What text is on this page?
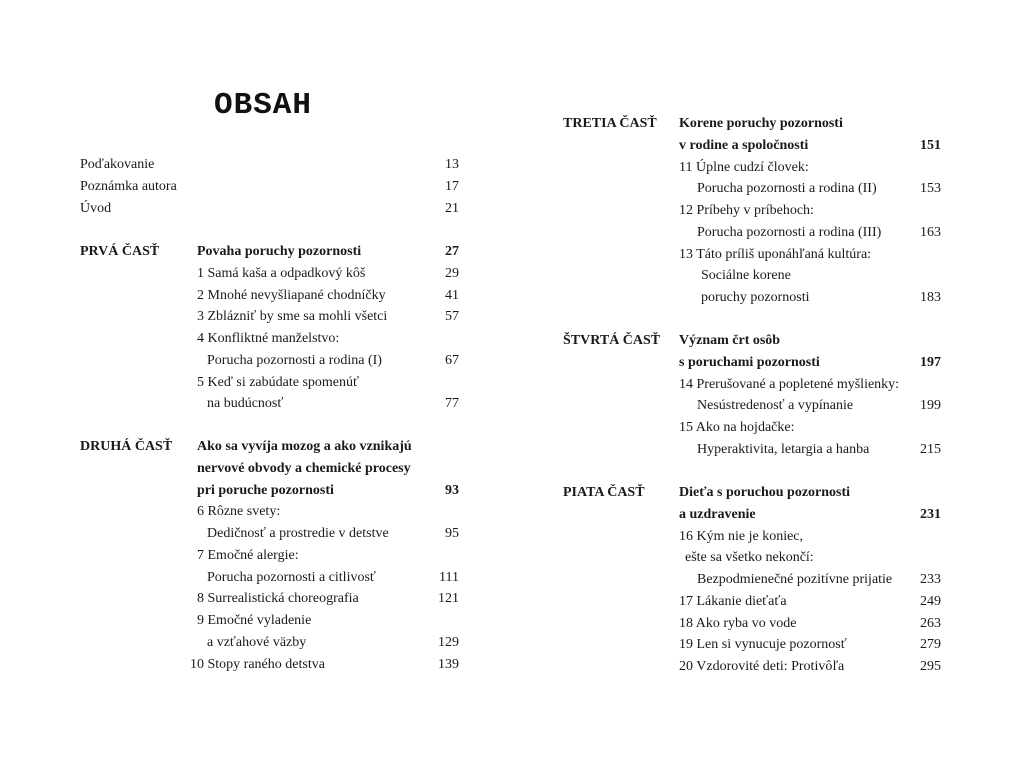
OBSAH
Poďakovanie	13
Poznámka autora	17
Úvod	21
PRVÁ ČASŤ	Povaha poruchy pozornosti	27
1 Samá kaša a odpadkový kôš	29
2 Mnohé nevyšliapané chodníčky	41
3 Zblázniť by sme sa mohli všetci	57
4 Konfliktné manželstvo:
Porucha pozornosti a rodina (I)	67
5 Keď si zabúdate spomenúť
na budúcnosť	77
DRUHÁ ČASŤ Ako sa vyvíja mozog a ako vznikajú
nervové obvody a chemické procesy
pri poruche pozornosti	93
6 Rôzne svety:
Dedičnosť a prostredie v detstve	95
7 Emočné alergie:
Porucha pozornosti a citlivosť	111
8 Surrealistická choreografia	121
9 Emočné vyladenie
a vzťahové väzby	129
10 Stopy raného detstva	139
TRETIA ČASŤ Korene poruchy pozornosti
v rodine a spoločnosti	151
11 Úplne cudzí človek:
Porucha pozornosti a rodina (II)	153
12 Príbehy v príbehoch:
Porucha pozornosti a rodina (III)	163
13 Táto príliš uponáhľaná kultúra:
Sociálne korene
poruchy pozornosti	183
ŠTVRTÁ ČASŤ Význam črt osôb
s poruchami pozornosti	197
14 Prerušované a popletené myšlienky:
Nesústredenosť a vypínanie	199
15 Ako na hojdačke:
Hyperaktivita, letargia a hanba	215
PIATA ČASŤ Dieťa s poruchou pozornosti
a uzdravenie	231
16 Kým nie je koniec,
ešte sa všetko nekončí:
Bezpodmienečné pozitívne prijatie	233
17 Lákanie dieťaťa	249
18 Ako ryba vo vode	263
19 Len si vynucuje pozornosť	279
20 Vzdorovité deti: Protivôľa	295
